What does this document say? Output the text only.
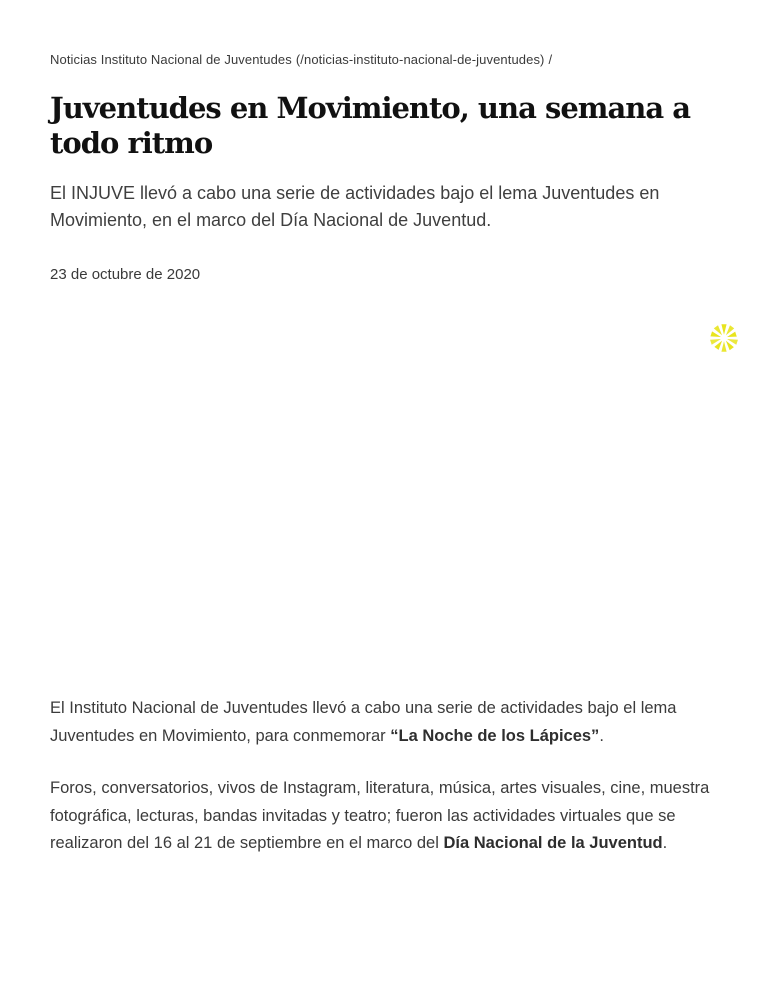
Noticias Instituto Nacional de Juventudes (/noticias-instituto-nacional-de-juventudes) /
Juventudes en Movimiento, una semana a todo ritmo

El INJUVE llevó a cabo una serie de actividades bajo el lema Juventudes en Movimiento, en el marco del Día Nacional de Juventud.

23 de octubre de 2020

El Instituto Nacional de Juventudes llevó a cabo una serie de actividades bajo el lema Juventudes en Movimiento, para conmemorar “La Noche de los Lápices”.

Foros, conversatorios, vivos de Instagram, literatura, música, artes visuales, cine, muestra fotográfica, lecturas, bandas invitadas y teatro; fueron las actividades virtuales que se realizaron del 16 al 21 de septiembre en el marco del Día Nacional de la Juventud.
